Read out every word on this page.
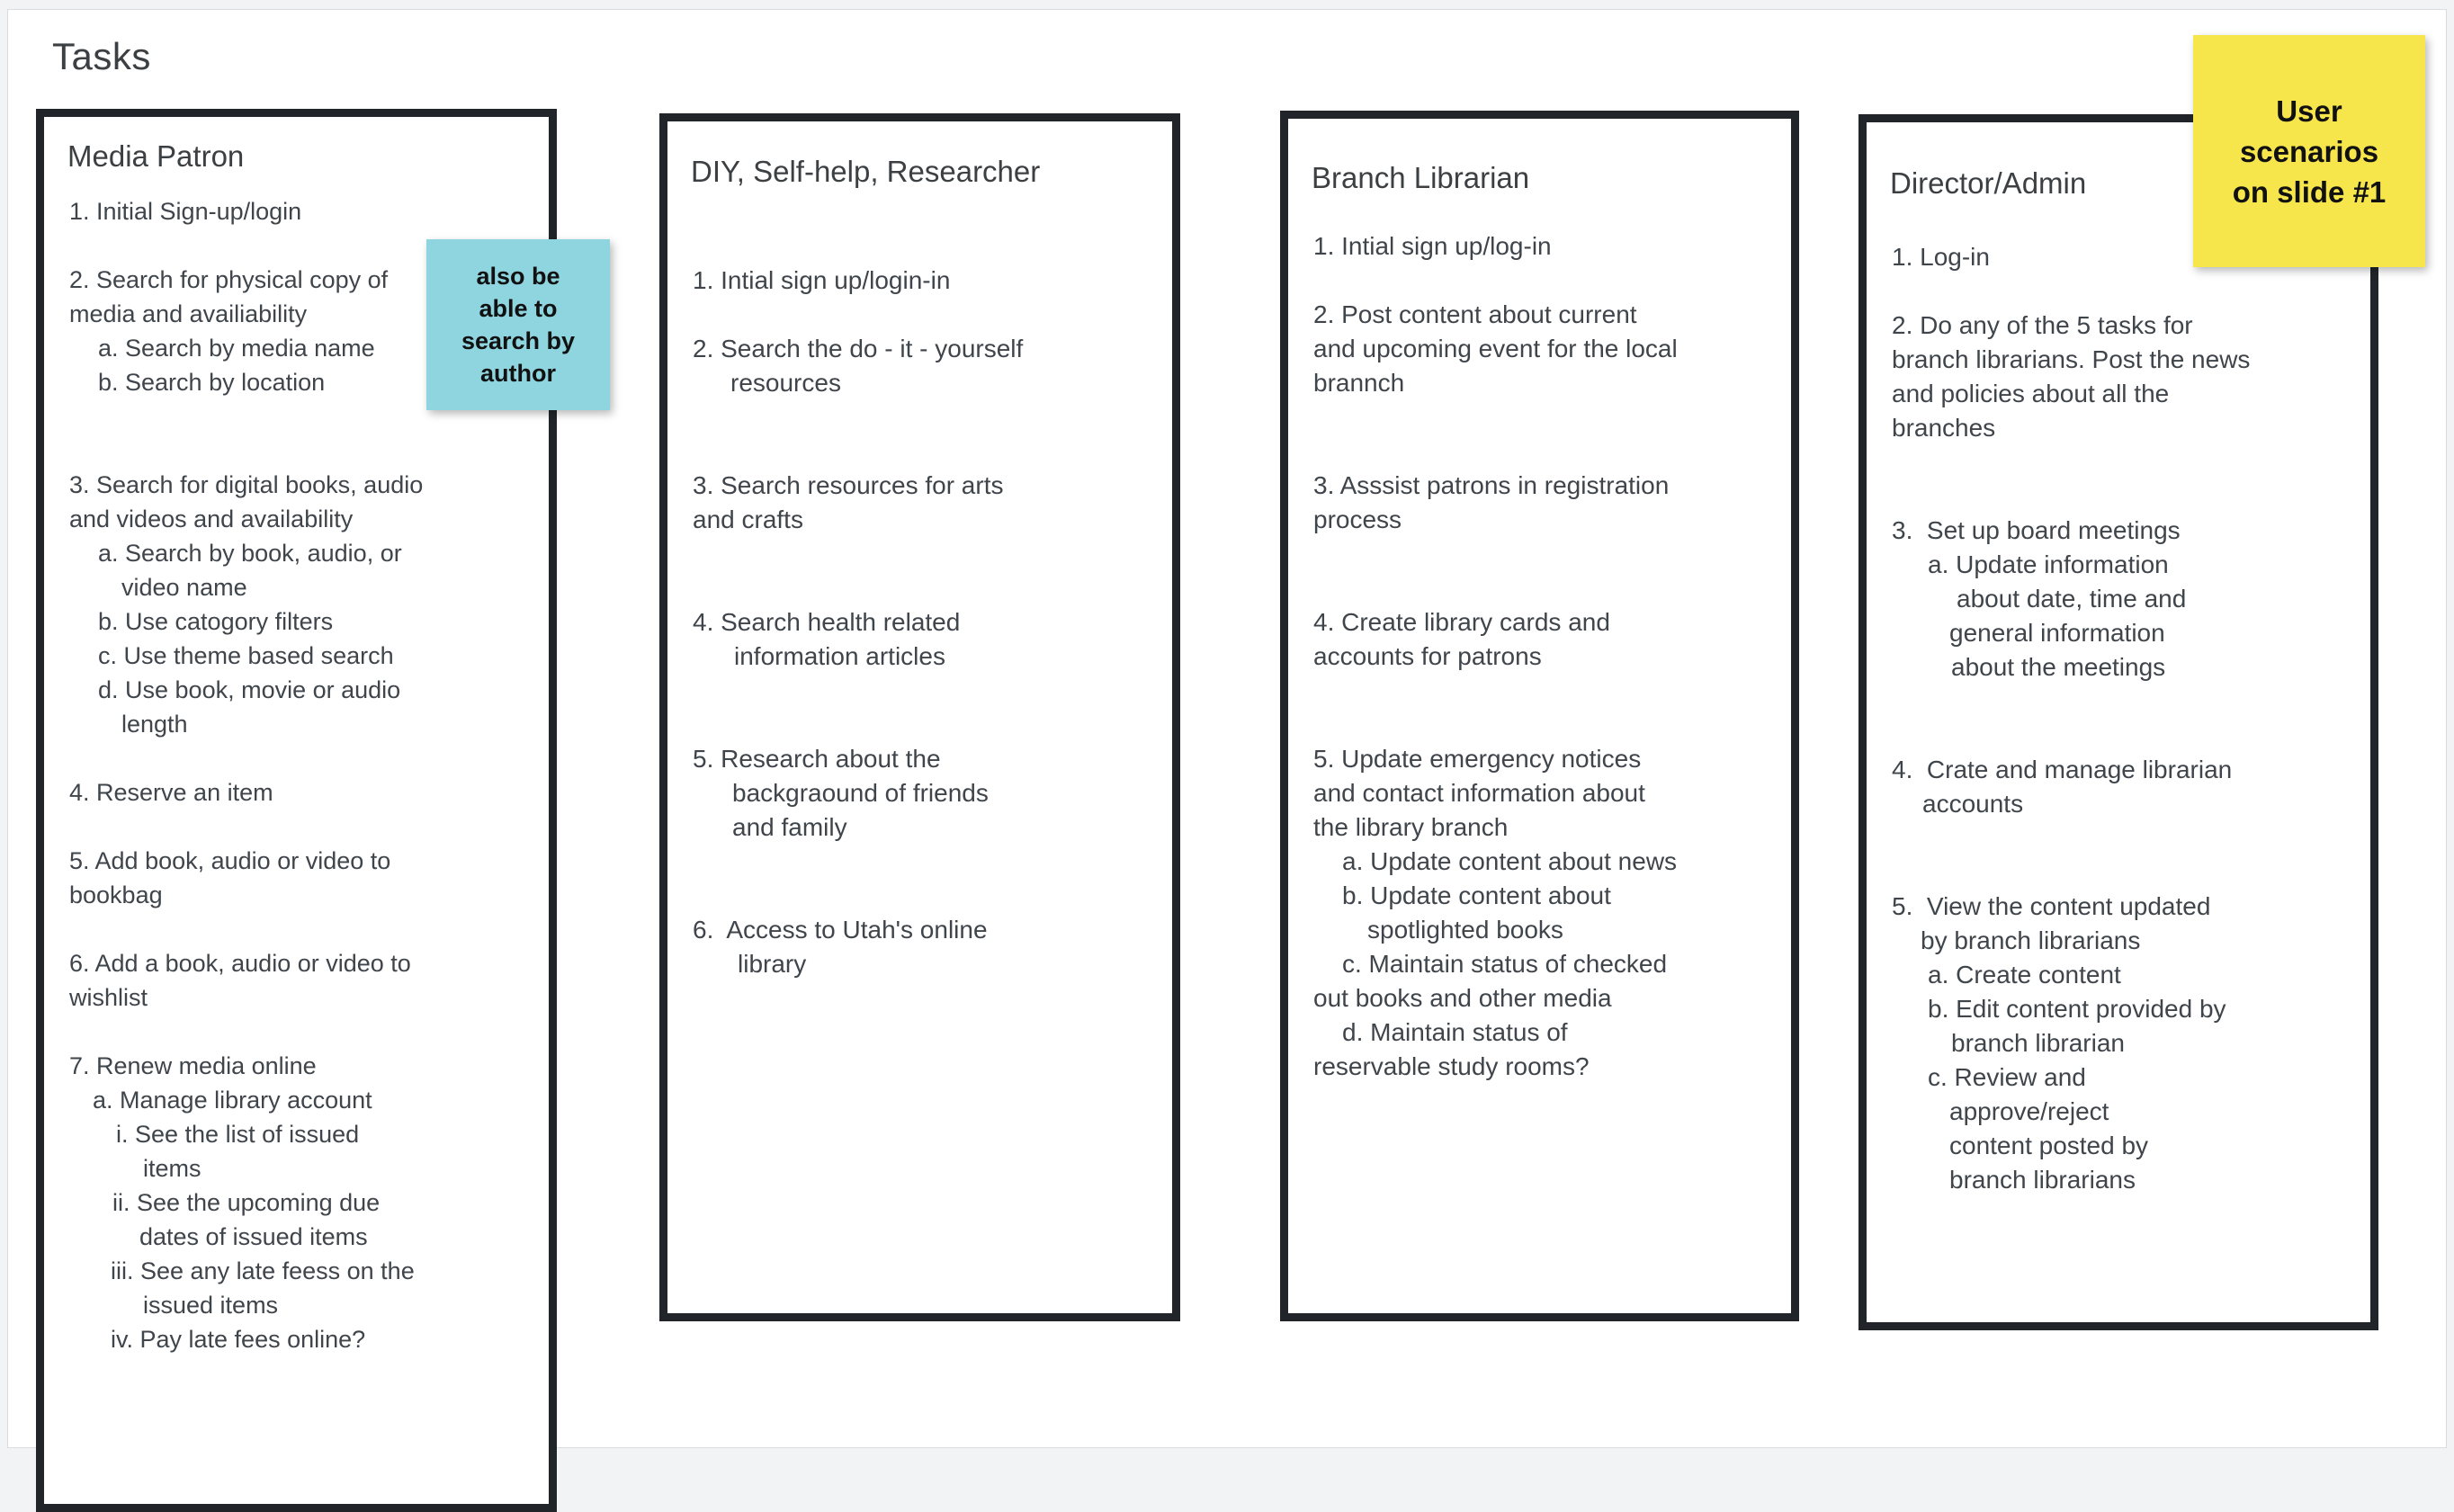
Tasks
Media Patron
1. Initial Sign-up/login
2. Search for physical copy of
media and availiability
a. Search by media name
b. Search by location
3. Search for digital books, audio
and videos and availability
a. Search by book, audio, or
video name
b. Use catogory filters
c. Use theme based search
d. Use book, movie or audio
length
4. Reserve an item
5. Add book, audio or video to
bookbag
6. Add a book, audio or video to
wishlist
7. Renew media online
a. Manage library account
i. See the list of issued
items
ii. See the upcoming due
dates of issued items
iii. See any late feess on the
issued items
iv. Pay late fees online?
DIY, Self-help, Researcher
1. Intial sign up/login-in
2. Search the do - it - yourself
resources
3. Search resources for arts
and crafts
4. Search health related
information articles
5. Research about the
backgraound of friends
and family
6.  Access to Utah's online
library
Branch Librarian
1. Intial sign up/log-in
2. Post content about current
and upcoming event for the local
brannch
3. Asssist patrons in registration
process
4. Create library cards and
accounts for patrons
5. Update emergency notices
and contact information about
the library branch
a. Update content about news
b. Update content about
spotlighted books
c. Maintain status of checked
out books and other media
d. Maintain status of
reservable study rooms?
Director/Admin
1. Log-in
2. Do any of the 5 tasks for
branch librarians. Post the news
and policies about all the
branches
3.  Set up board meetings
a. Update information
about date, time and
general information
about the meetings
4.  Crate and manage librarian
accounts
5.  View the content updated
by branch librarians
a. Create content
b. Edit content provided by
branch librarian
c. Review and
approve/reject
content posted by
branch librarians
also be
able to
search by
author
User
scenarios
on slide #1
